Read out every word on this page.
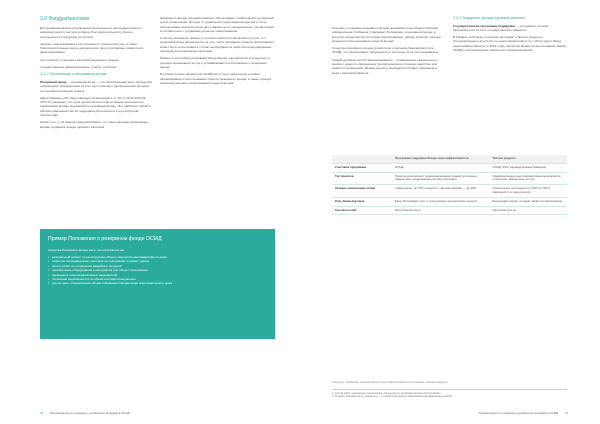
3.0 Фандрайзинговая

Для финансирования и проведения деятельности негосударственного некоммерческого сектора в сфере благотворительности обычно используются следующие источники:

частные пожертвования и поступления от физических лиц, а также благотворительные взносы юридических лиц и программы совместного финансирования

поступления от целевого капитала (эндаумент-фонда)

государственное финансирование, гранты, субсидии

3.3.1 Организация и реализация фонда

Резервный фонд — резервный фонд — это обособленная часть имущества организации, формируемая за счёт поступлений и распределения доходов на основании решения Совета.

Закон Украины «Об общественных организациях» ст. 20 от 22.03.2012 № 4572-VI указывает, что «для целей обеспечения уставной деятельности организация вправе формировать резервный фонд». Это наиболее гибкий и распространённый способ поддержки деятельности в долгосрочной перспективе.

Кроме того, п. 16 Закона предусматривает, что общественная организация вправе создавать фонды целевого капитала.

Эндаумент-фонды (целевой капитал) обеспечивают стабильный и устойчивый доход организации. Доходы от управления средствами фонда могут быть использованы исключительно на уставные цели, определённые учредителями, в соответствии с условиями договора пожертвования.

Отличие резервного фонда от целевого капитала заключается в том, что резервный фонд формируется за счёт части свободных средств организации и может быть использован в случае необходимости покрытия непредвиденных расходов или реализации программ.

Размер отчислений в резервный фонд обычно определяется в процентах от доходов организации за год и устанавливается в Положении о резервном фонде.

В учредительных документах ОСМД могут быть закреплены условия формирования и использования средств резервного фонда, а также порядок принятия решений о расходовании средств фонда.

Пример Положения о резервном фонде ОСМД
Средства Резервного фонда могут использоваться на:
• капитальный ремонт и реконструкцию общего имущества многоквартирного дома
• покрытие непредвиденных расходов на содержание и ремонт здания
• оплату работ по устранению аварийных ситуаций
• приобретение оборудования и материалов для общего пользования
• проведение энергоэффективных мероприятий
• погашение задолженности по обязательствам объединения
• другие цели, определённые общим собранием совладельцев многоквартирного дома
32 Рекомендации по созданию и управлению фондами в ОСМД

Решение о создании резервного фонда принимается на общем собрании совладельцев. Собрание утверждает Положение о резервном фонде, в котором определяются источники формирования, размер взносов, порядок хранения и использования средств фонда.

Средства резервного фонда хранятся на отдельном банковском счёте ОСМД, что обеспечивает прозрачность и контроль за их использованием.

Самый удобный способ финансирования — установление ежемесячного взноса с каждого совладельца пропорционально площади квартиры или нежилого помещения. Размер взноса утверждается общим собранием и может пересматриваться.

3.3.2 Эндаумент-фонды (целевой капитал)

Государственная программа поддержки — программа, которая финансируется за счёт государственного бюджета.

В Украине действуют несколько программ: «Теплые кредиты» (Государственное агентство по энергоэффективности, с 2014 года) и Фонд энергоэффективности (с 2019 года). Средства выдаются на основании заявки ОСМД и подтверждения совместного финансирования.

	Программа поддержки Фонда энергоэффективности	Теплые кредиты
Участники программы	ОСМД	ОСМД, ЖСК, индивидуальные заёмщики
Тип проектов	Проекты комплексной термомодернизации зданий (утепление, замена окон, модернизация систем отопления)	Индивидуальные энергоэффективные мероприятия (утепление, замена окон, котлы)
Уровень компенсации затрат	«Энергодом»: до 70% стоимости; «Легкий» вариант — до 40%	Компенсация тела кредита от 20% до 70% в зависимости от мероприятия
Роль банка-партнера	Банк обслуживает счёт и осуществляет перечисление средств	Банк выдаёт кредит и подаёт заявку на компенсацию
Ссылка на сайт	https://eefund.org.ua	https://saee.gov.ua
Таблица 1. Сравнение программ Фонда энергоэффективности и программы «Тёплые кредиты»
1. Состав работ, подлежащих компенсации, определяется условиями конкретной программы.
2. Условия программ могут изменяться — уточняйте актуальную информацию на официальных сайтах.
Рекомендации по созданию и управлению фондами в ОСМД 33
